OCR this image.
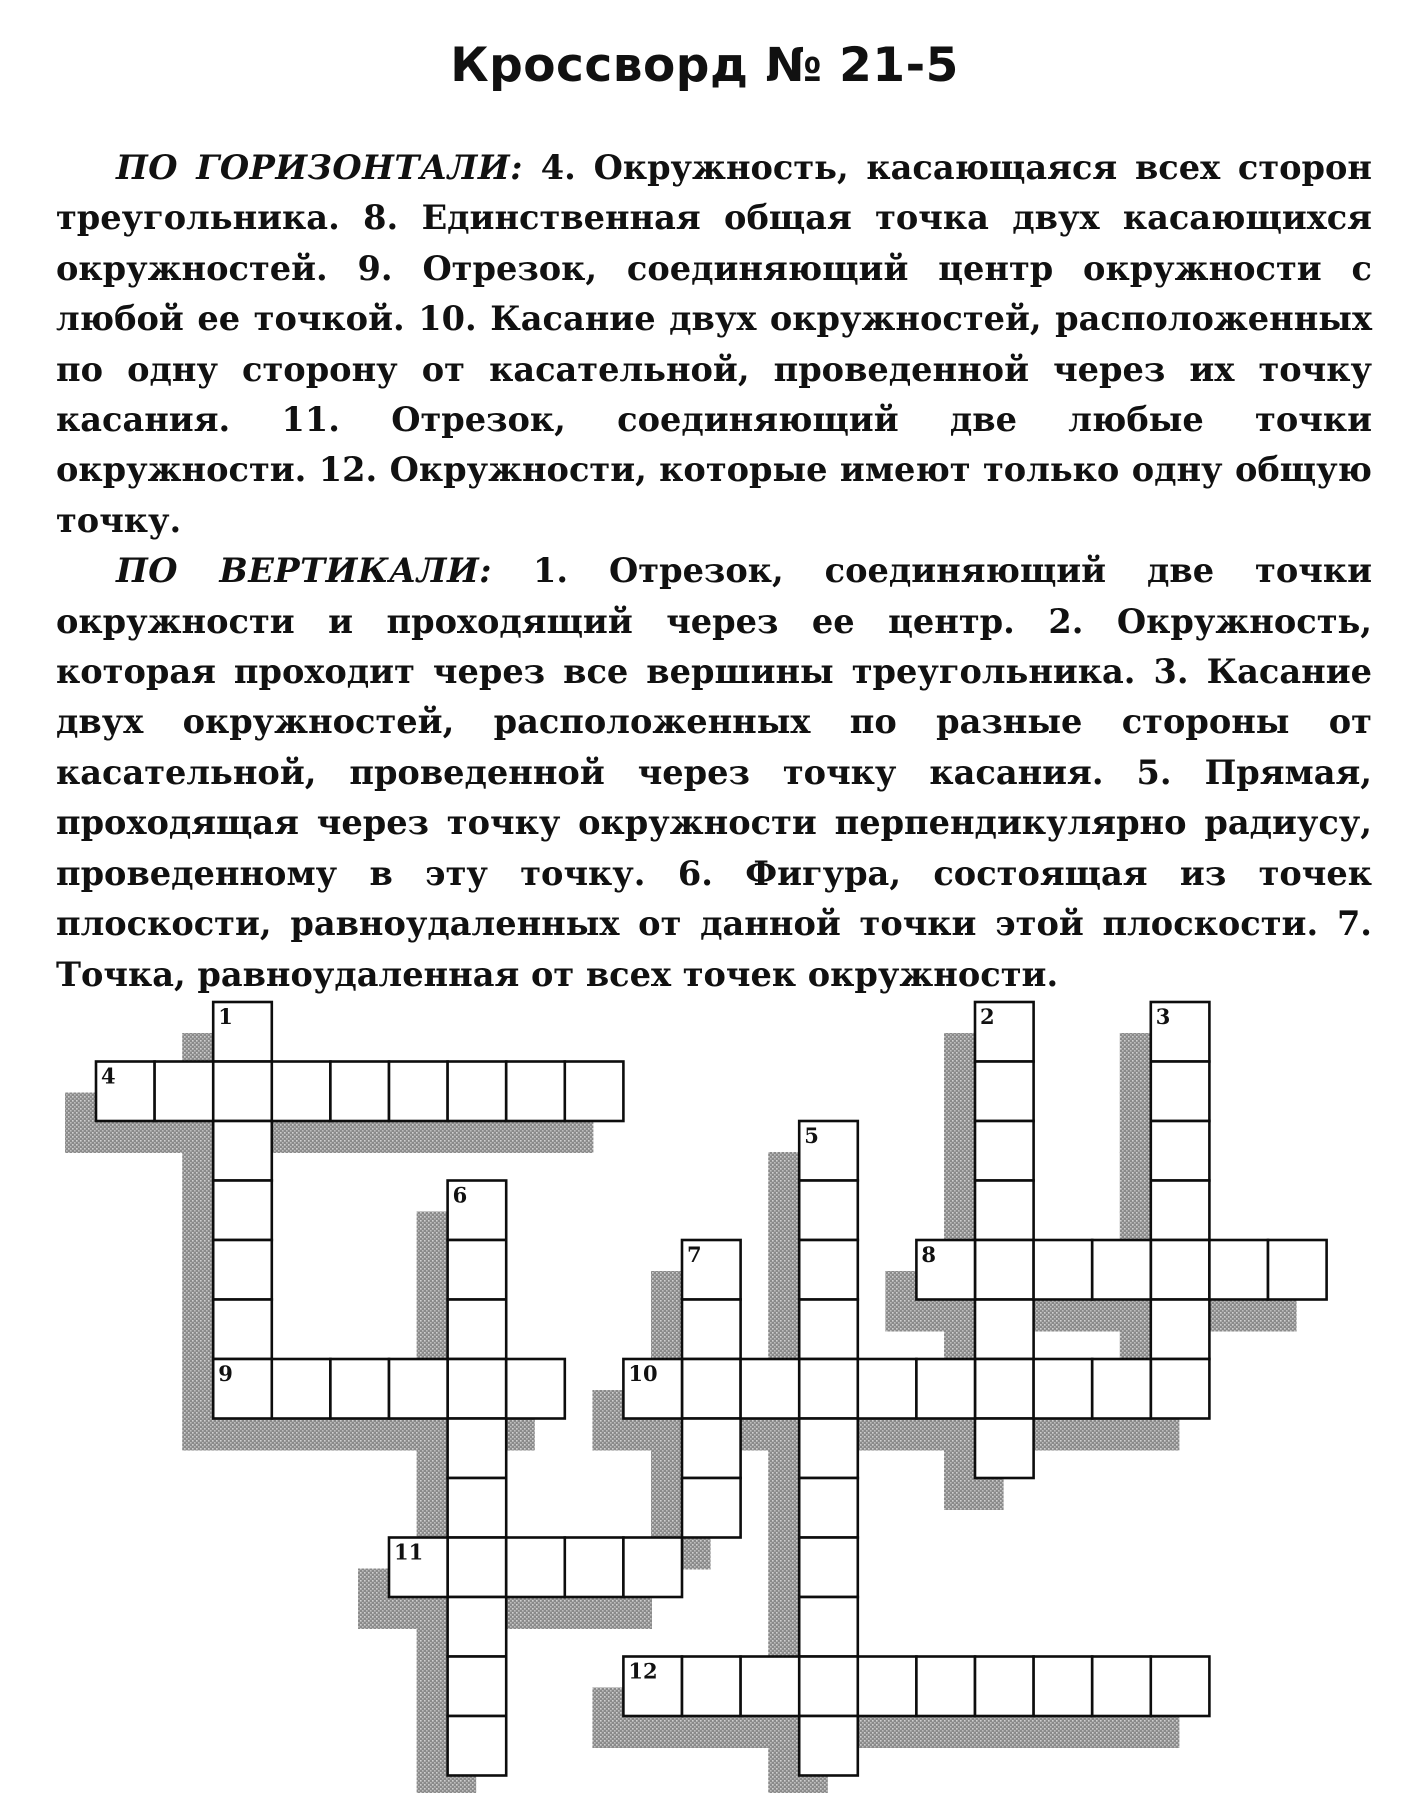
Кроссворд № 21-5

ПО ГОРИЗОНТАЛИ: 4. Окружность, касающаяся всех сторон треугольника. 8. Единственная общая точка двух касающихся окружностей. 9. Отрезок, соединяющий центр окружности с любой ее точкой. 10. Касание двух окружностей, расположенных по одну сторону от касательной, проведенной через их точку касания. 11. Отрезок, соединяющий две любые точки окружности. 12. Окружности, которые имеют только одну общую точку.

ПО ВЕРТИКАЛИ: 1. Отрезок, соединяющий две точки окружности и проходящий через ее центр. 2. Окружность, которая проходит через все вершины треугольника. 3. Касание двух окружностей, расположенных по разные стороны от касательной, проведенной через точку касания. 5. Прямая, проходящая через точку окружности перпендикулярно радиусу, проведенному в эту точку. 6. Фигура, состоящая из точек плоскости, равноудаленных от данной точки этой плоскости. 7. Точка, равноудаленная от всех точек окружности.

1	2	3
4
5
6
7	8
9	10
11
12
